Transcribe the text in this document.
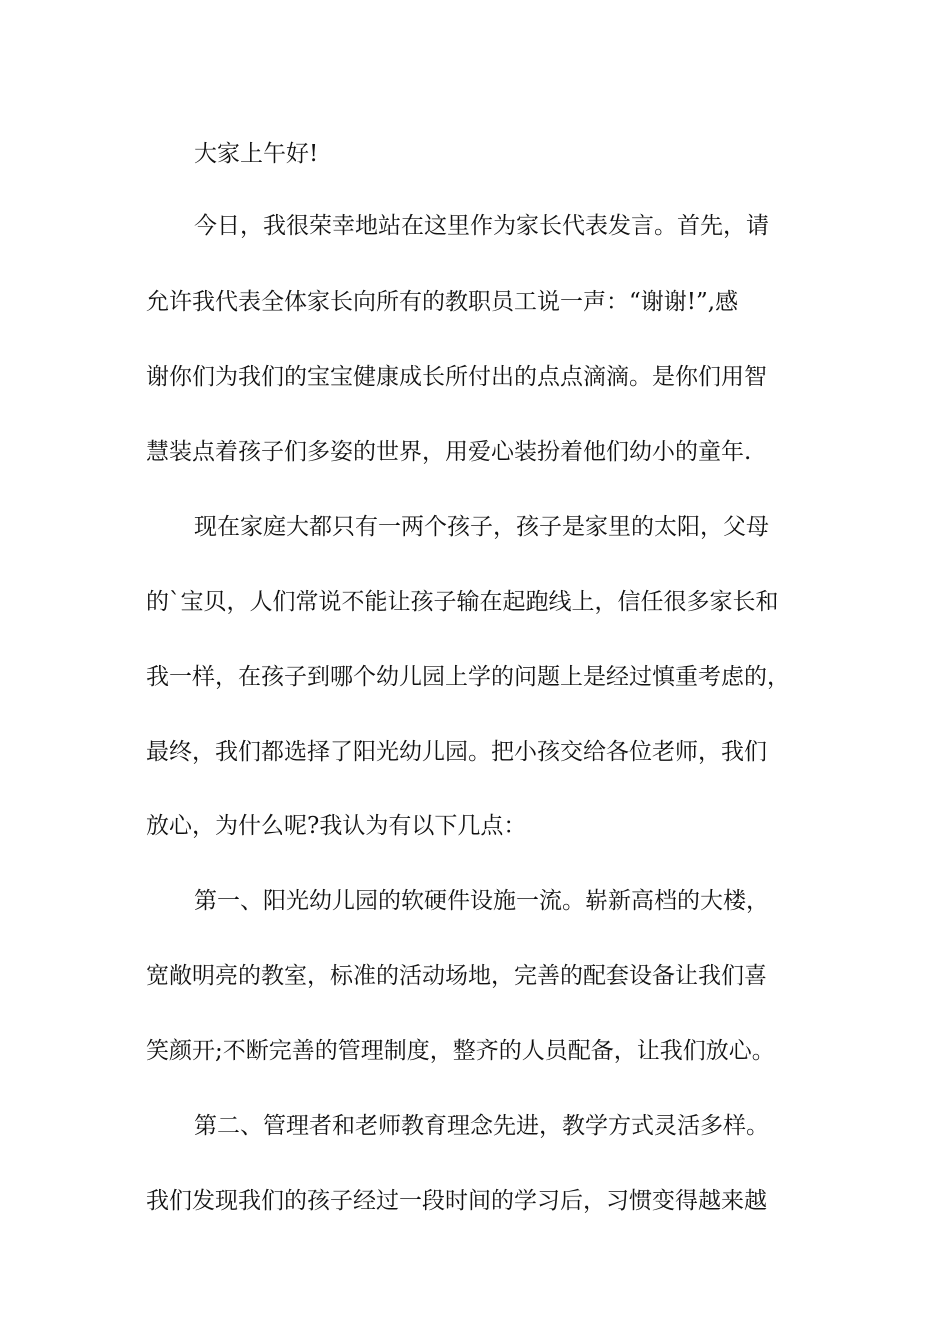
大家上午好!
今日，我很荣幸地站在这里作为家长代表发言。首先，请
允许我代表全体家长向所有的教职员工说一声：“谢谢!”,感
谢你们为我们的宝宝健康成长所付出的点点滴滴。是你们用智
慧装点着孩子们多姿的世界，用爱心装扮着他们幼小的童年.
现在家庭大都只有一两个孩子，孩子是家里的太阳，父母
的`宝贝，人们常说不能让孩子输在起跑线上，信任很多家长和
我一样，在孩子到哪个幼儿园上学的问题上是经过慎重考虑的，
最终，我们都选择了阳光幼儿园。把小孩交给各位老师，我们
放心，为什么呢?我认为有以下几点：
第一、阳光幼儿园的软硬件设施一流。崭新高档的大楼，
宽敞明亮的教室，标准的活动场地，完善的配套设备让我们喜
笑颜开;不断完善的管理制度，整齐的人员配备，让我们放心。
第二、管理者和老师教育理念先进，教学方式灵活多样。
我们发现我们的孩子经过一段时间的学习后，习惯变得越来越
